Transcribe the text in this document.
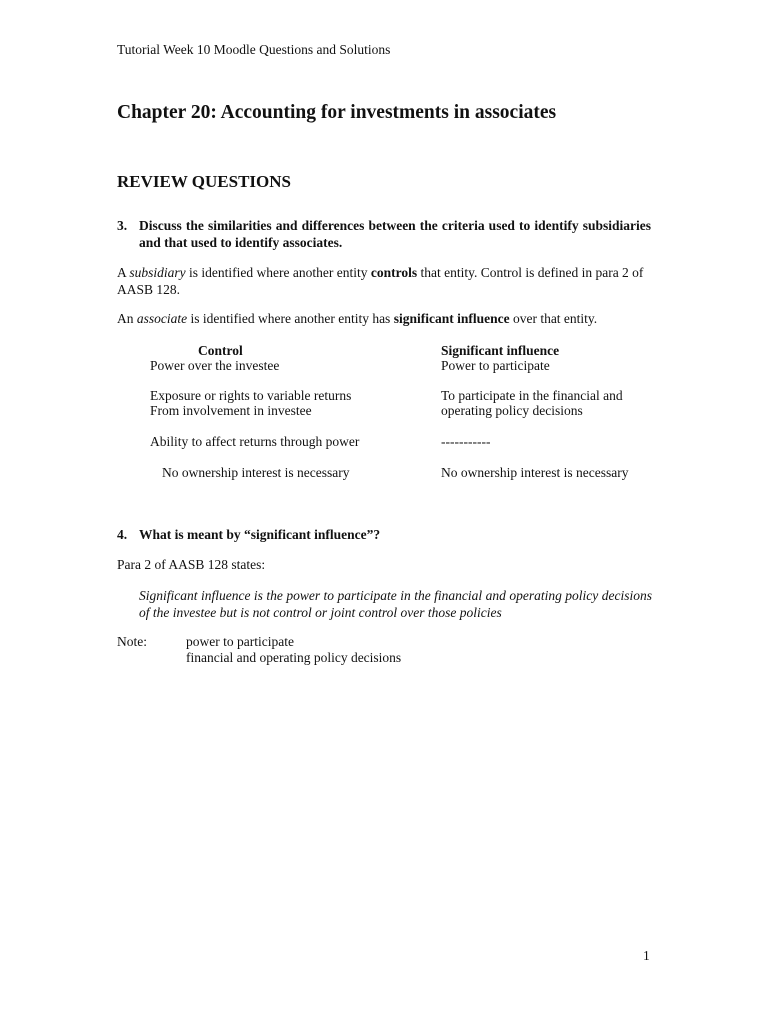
Tutorial Week 10 Moodle Questions and Solutions
Chapter 20: Accounting for investments in associates
REVIEW QUESTIONS
3. Discuss the similarities and differences between the criteria used to identify subsidiaries and that used to identify associates.
A subsidiary is identified where another entity controls that entity. Control is defined in para 2 of AASB 128.
An associate is identified where another entity has significant influence over that entity.
Control	Significant influence
Power over the investee	Power to participate
Exposure or rights to variable returns	To participate in the financial and
From involvement in investee	operating policy decisions
Ability to affect returns through power	-----------
No ownership interest is necessary	No ownership interest is necessary
4. What is meant by “significant influence”?
Para 2 of AASB 128 states:
Significant influence is the power to participate in the financial and operating policy decisions of the investee but is not control or joint control over those policies
Note:	power to participate
financial and operating policy decisions
1
